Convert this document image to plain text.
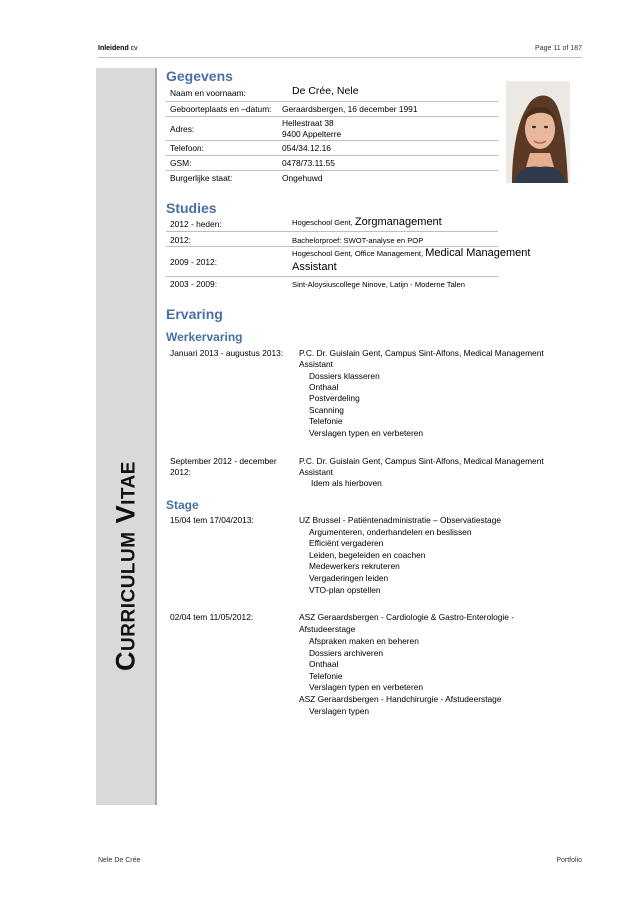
Inleidend cv	Page 11 of 187
Curriculum Vitae
Gegevens
Naam en voornaam:	De Crée, Nele
Geboorteplaats en –datum: Geraardsbergen, 16 december 1991
Adres:
Hellestraat 38
9400 Appelterre
Telefoon:	054/34.12.16
GSM:	0478/73.11.55
Burgerlijke staat:	Ongehuwd
Studies
2012 - heden:	Hogeschool Gent, Zorgmanagement
2012:	Bachelorproef: SWOT-analyse en POP
2009 - 2012:
Hogeschool Gent, Office Management, Medical Management
Assistant
2003 - 2009:	Sint-Aloysiuscollege Ninove, Latijn - Moderne Talen
Ervaring
Werkervaring
Januari 2013 - augustus 2013: P.C. Dr. Guislain Gent, Campus Sint-Alfons, Medical Management
Assistant
Dossiers klasseren
Onthaal
Postverdeling
Scanning
Telefonie
Verslagen typen en verbeteren
September 2012 - december
2012:
P.C. Dr. Guislain Gent, Campus Sint-Alfons, Medical Management
Assistant
Idem als hierboven
Stage
15/04 tem 17/04/2013:	UZ Brussel - Patiëntenadministratie – Observatiestage
Argumenteren, onderhandelen en beslissen
Efficiënt vergaderen
Leiden, begeleiden en coachen
Medewerkers rekruteren
Vergaderingen leiden
VTO-plan opstellen
02/04 tem 11/05/2012:	ASZ Geraardsbergen - Cardiologie & Gastro-Enterologie -
Afstudeerstage
Afspraken maken en beheren
Dossiers archiveren
Onthaal
Telefonie
Verslagen typen en verbeteren
ASZ Geraardsbergen - Handchirurgie - Afstudeerstage
Verslagen typen
Nele De Crée	Portfolio
